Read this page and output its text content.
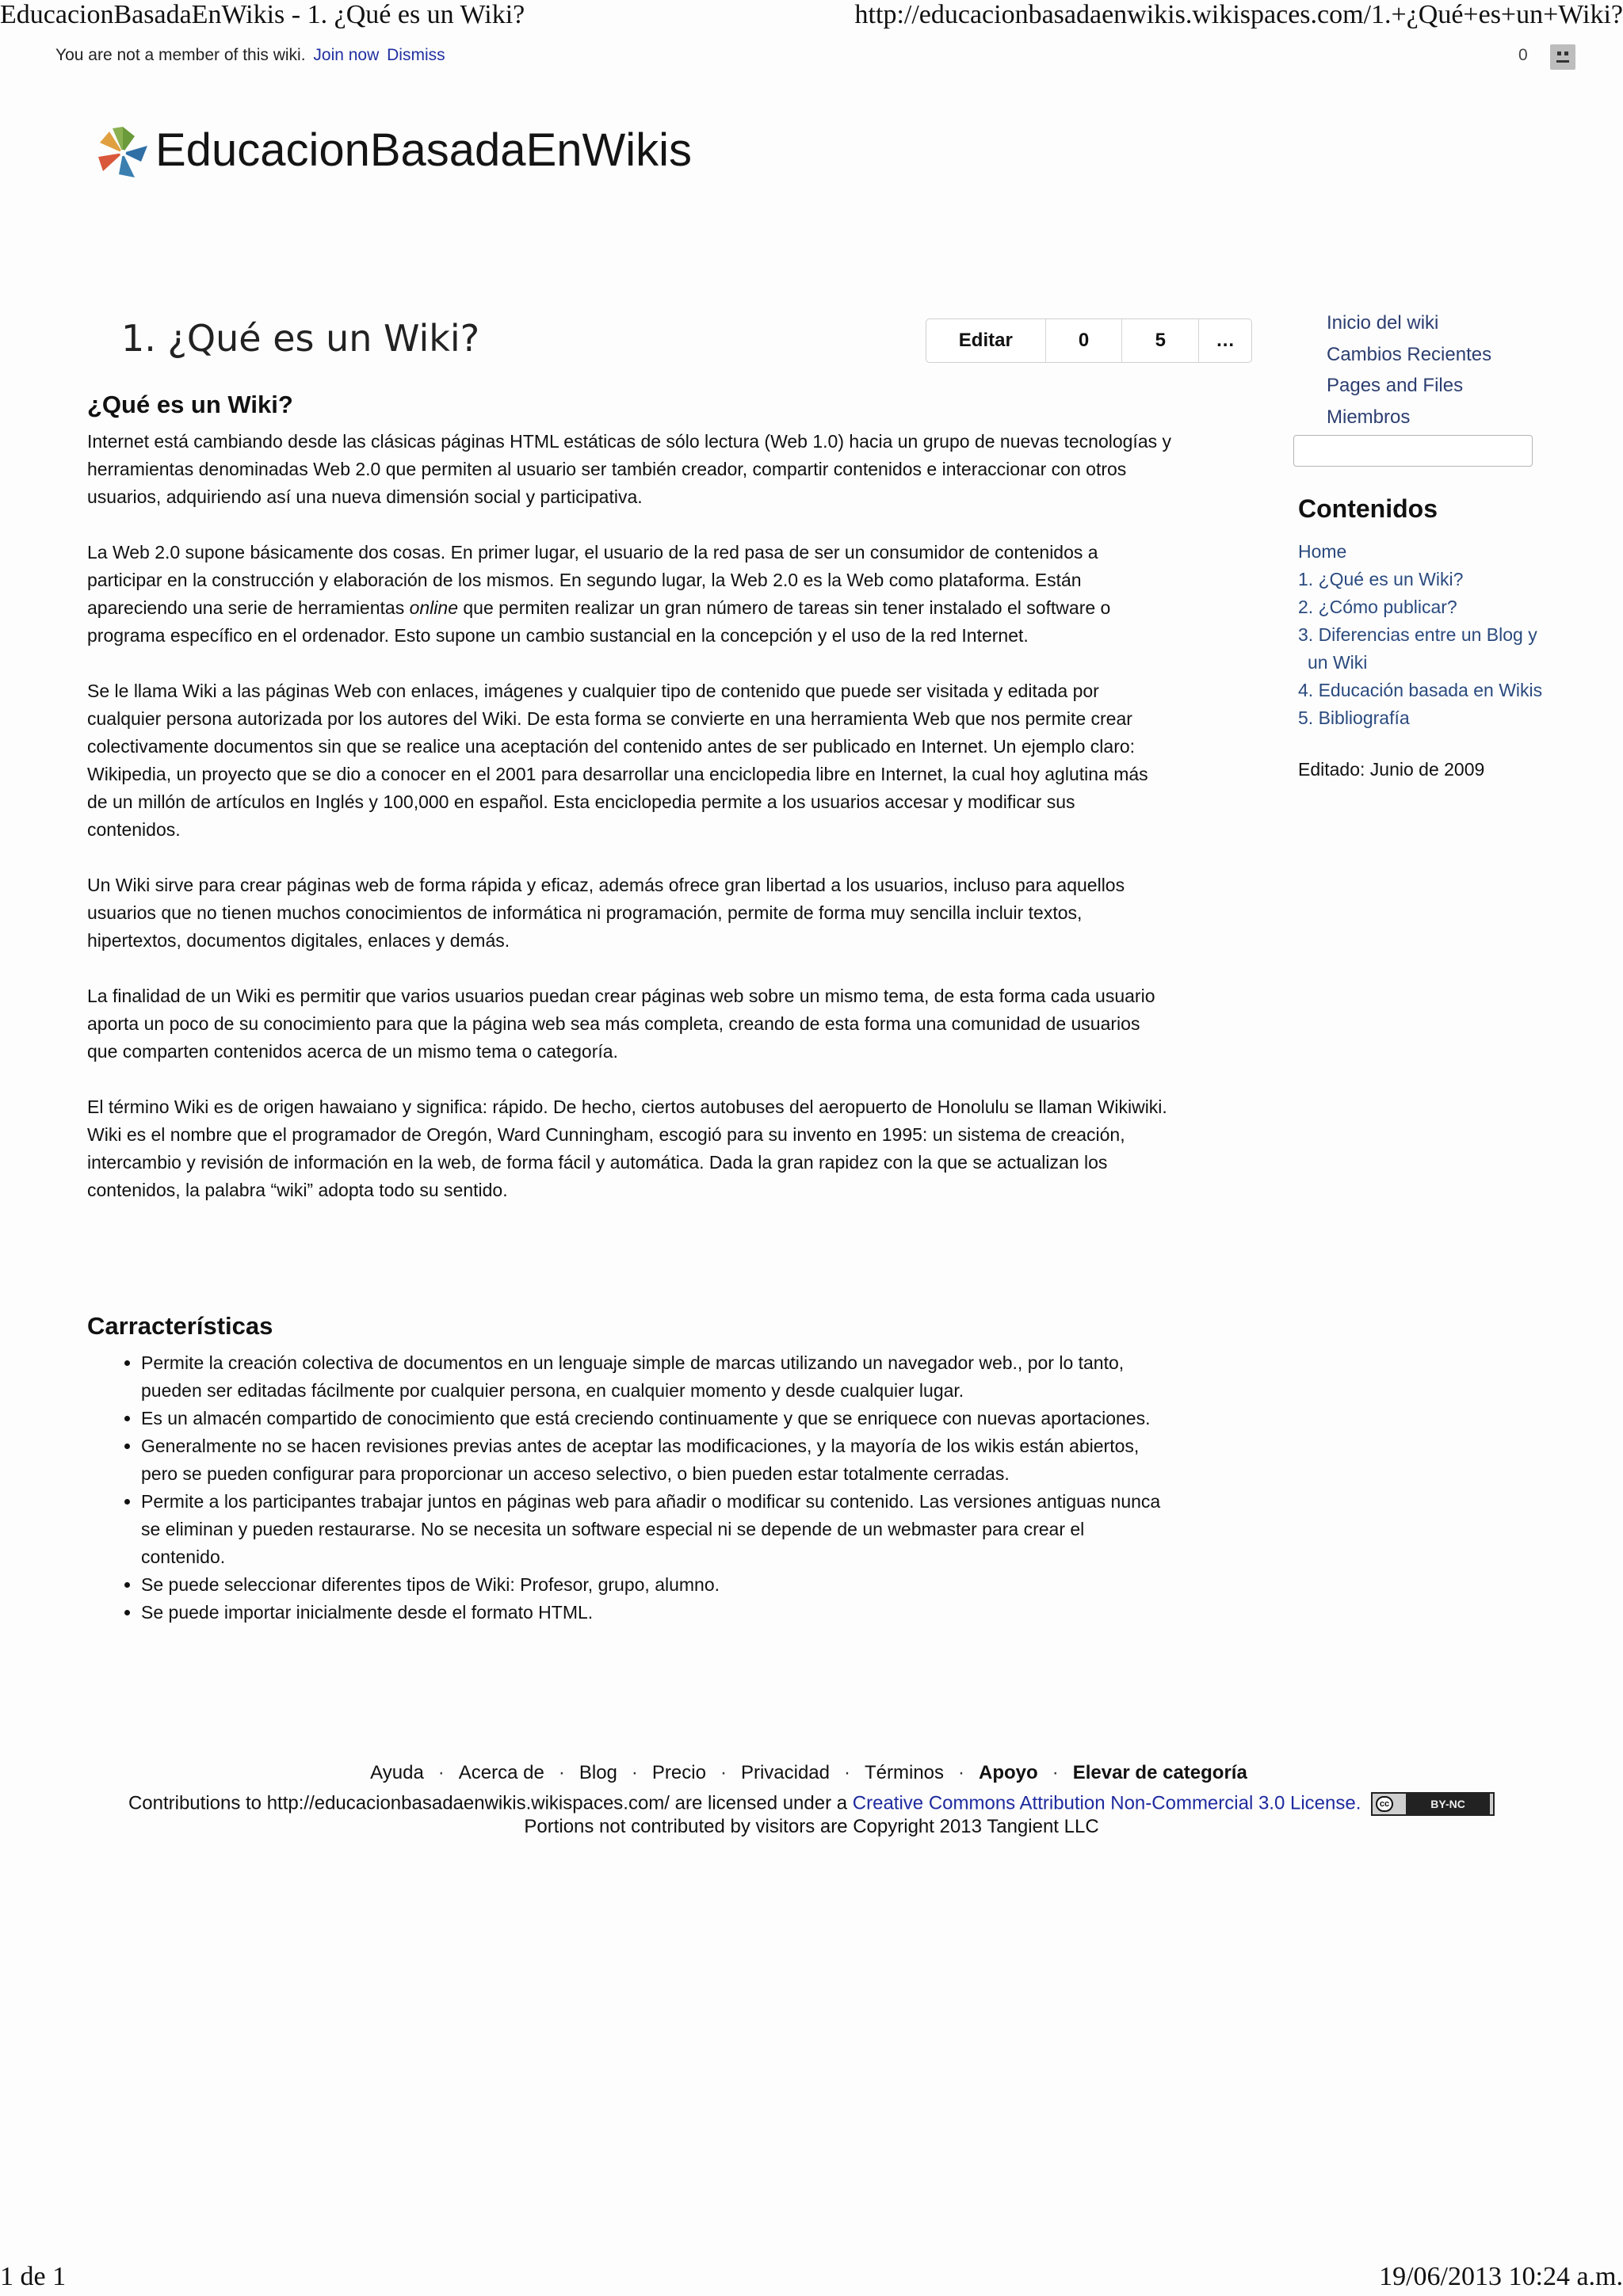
EducacionBasadaEnWikis - 1. ¿Qué es un Wiki?	http://educacionbasadaenwikis.wikispaces.com/1.+¿Qué+es+un+Wiki?
You are not a member of this wiki. Join now Dismiss	0
EducacionBasadaEnWikis
1. ¿Qué es un Wiki?	Editar	0	5	…
¿Qué es un Wiki?

Internet está cambiando desde las clásicas páginas HTML estáticas de sólo lectura (Web 1.0) hacia un grupo de nuevas tecnologías y herramientas denominadas Web 2.0 que permiten al usuario ser también creador, compartir contenidos e interaccionar con otros usuarios, adquiriendo así una nueva dimensión social y participativa.

La Web 2.0 supone básicamente dos cosas. En primer lugar, el usuario de la red pasa de ser un consumidor de contenidos a participar en la construcción y elaboración de los mismos. En segundo lugar, la Web 2.0 es la Web como plataforma. Están apareciendo una serie de herramientas online que permiten realizar un gran número de tareas sin tener instalado el software o programa específico en el ordenador. Esto supone un cambio sustancial en la concepción y el uso de la red Internet.

Se le llama Wiki a las páginas Web con enlaces, imágenes y cualquier tipo de contenido que puede ser visitada y editada por cualquier persona autorizada por los autores del Wiki. De esta forma se convierte en una herramienta Web que nos permite crear colectivamente documentos sin que se realice una aceptación del contenido antes de ser publicado en Internet. Un ejemplo claro: Wikipedia, un proyecto que se dio a conocer en el 2001 para desarrollar una enciclopedia libre en Internet, la cual hoy aglutina más de un millón de artículos en Inglés y 100,000 en español. Esta enciclopedia permite a los usuarios accesar y modificar sus contenidos.

Un Wiki sirve para crear páginas web de forma rápida y eficaz, además ofrece gran libertad a los usuarios, incluso para aquellos usuarios que no tienen muchos conocimientos de informática ni programación, permite de forma muy sencilla incluir textos, hipertextos, documentos digitales, enlaces y demás.

La finalidad de un Wiki es permitir que varios usuarios puedan crear páginas web sobre un mismo tema, de esta forma cada usuario aporta un poco de su conocimiento para que la página web sea más completa, creando de esta forma una comunidad de usuarios que comparten contenidos acerca de un mismo tema o categoría.

El término Wiki es de origen hawaiano y significa: rápido. De hecho, ciertos autobuses del aeropuerto de Honolulu se llaman Wikiwiki. Wiki es el nombre que el programador de Oregón, Ward Cunningham, escogió para su invento en 1995: un sistema de creación, intercambio y revisión de información en la web, de forma fácil y automática. Dada la gran rapidez con la que se actualizan los contenidos, la palabra “wiki” adopta todo su sentido.

Carracterísticas
• Permite la creación colectiva de documentos en un lenguaje simple de marcas utilizando un navegador web., por lo tanto, pueden ser editadas fácilmente por cualquier persona, en cualquier momento y desde cualquier lugar.
• Es un almacén compartido de conocimiento que está creciendo continuamente y que se enriquece con nuevas aportaciones.
• Generalmente no se hacen revisiones previas antes de aceptar las modificaciones, y la mayoría de los wikis están abiertos, pero se pueden configurar para proporcionar un acceso selectivo, o bien pueden estar totalmente cerradas.
• Permite a los participantes trabajar juntos en páginas web para añadir o modificar su contenido. Las versiones antiguas nunca se eliminan y pueden restaurarse. No se necesita un software especial ni se depende de un webmaster para crear el contenido.
• Se puede seleccionar diferentes tipos de Wiki: Profesor, grupo, alumno.
• Se puede importar inicialmente desde el formato HTML.
Inicio del wiki
Cambios Recientes
Pages and Files
Miembros
Contenidos
Home
1. ¿Qué es un Wiki?
2. ¿Cómo publicar?
3. Diferencias entre un Blog y un Wiki
4. Educación basada en Wikis
5. Bibliografía
Editado: Junio de 2009
Ayuda · Acerca de · Blog · Precio · Privacidad · Términos · Apoyo · Elevar de categoría
Contributions to http://educacionbasadaenwikis.wikispaces.com/ are licensed under a Creative Commons Attribution Non-Commercial 3.0 License.	cc	BY-NC
Portions not contributed by visitors are Copyright 2013 Tangient LLC
1 de 1	19/06/2013 10:24 a.m.
